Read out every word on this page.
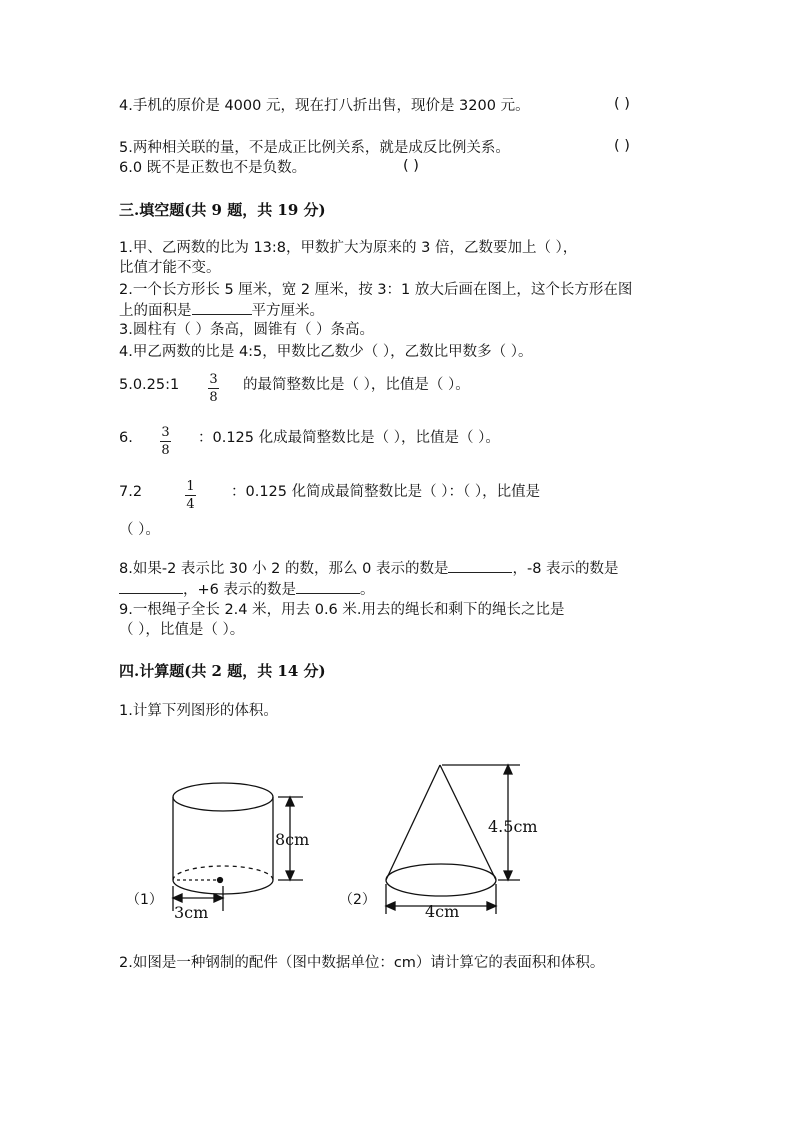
4.手机的原价是 4000 元，现在打八折出售，现价是 3200 元。	( )
5.两种相关联的量，不是成正比例关系，就是成反比例关系。	( )
6.0 既不是正数也不是负数。	( )
三.填空题(共 9 题，共 19 分)
1.甲、乙两数的比为 13:8，甲数扩大为原来的 3 倍，乙数要加上（ ），
比值才能不变。
2.一个长方形长 5 厘米，宽 2 厘米，按 3：1 放大后画在图上，这个长方形在图
上的面积是	平方厘米。
3.圆柱有（ ）条高，圆锥有（ ）条高。
4.甲乙两数的比是 4:5，甲数比乙数少（ ），乙数比甲数多（ ）。
5.0.25:1 3
8
的最简整数比是（ ），比值是（ ）。
6. 3
8
：0.125 化成最简整数比是（ ），比值是（ ）。
7.2	1
4
：0.125 化简成最简整数比是（ ）：（ ），比值是
（ ）。
8.如果-2 表示比 30 小 2 的数，那么 0 表示的数是	，-8 表示的数是
，+6 表示的数是	。
9.一根绳子全长 2.4 米，用去 0.6 米.用去的绳长和剩下的绳长之比是
（ ），比值是（ ）。
四.计算题(共 2 题，共 14 分)
1.计算下列图形的体积。
（1）
8cm
3cm
（2）
4.5cm
4cm
2.如图是一种钢制的配件（图中数据单位：cm）请计算它的表面积和体积。
